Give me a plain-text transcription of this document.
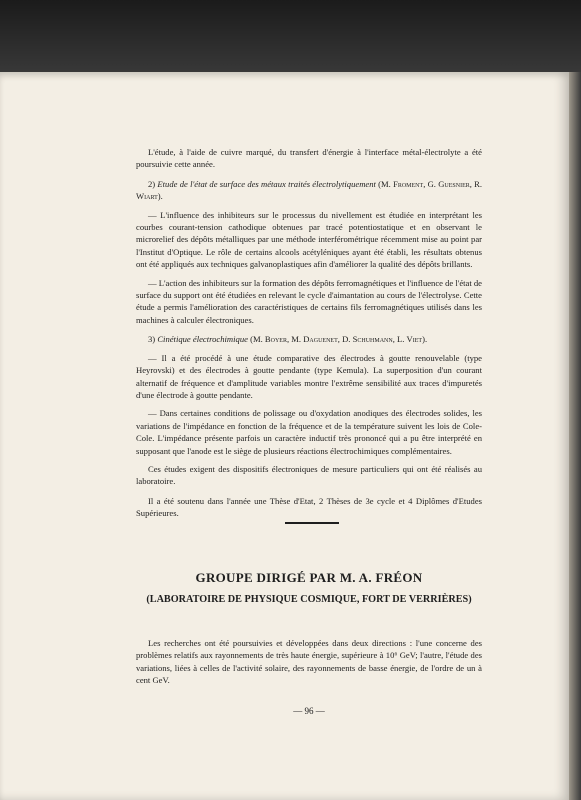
L'étude, à l'aide de cuivre marqué, du transfert d'énergie à l'interface métal-électrolyte a été poursuivie cette année.

2) Etude de l'état de surface des métaux traités électrolytiquement (M. Froment, G. Guesnier, R. Wiart).

— L'influence des inhibiteurs sur le processus du nivellement est étudiée en interprétant les courbes courant-tension cathodique obtenues par tracé potentiostatique et en observant le microrelief des dépôts métalliques par une méthode interférométrique récemment mise au point par l'Institut d'Optique. Le rôle de certains alcools acétyléniques ayant été établi, les résultats obtenus ont été appliqués aux techniques galvanoplastiques afin d'améliorer la qualité des dépôts brillants.

— L'action des inhibiteurs sur la formation des dépôts ferromagnétiques et l'influence de l'état de surface du support ont été étudiées en relevant le cycle d'aimantation au cours de l'électrolyse. Cette étude a permis l'amélioration des caractéristiques de certains fils ferromagnétiques utilisés dans les machines à calculer électroniques.

3) Cinétique électrochimique (M. Boyer, M. Daguenet, D. Schuhmann, L. Viet).

— Il a été procédé à une étude comparative des électrodes à goutte renouvelable (type Heyrovski) et des électrodes à goutte pendante (type Kemula). La superposition d'un courant alternatif de fréquence et d'amplitude variables montre l'extrême sensibilité aux traces d'impuretés d'une électrode à goutte pendante.

— Dans certaines conditions de polissage ou d'oxydation anodiques des électrodes solides, les variations de l'impédance en fonction de la fréquence et de la température suivent les lois de Cole-Cole. L'impédance présente parfois un caractère inductif très prononcé qui a pu être interprété en supposant que l'anode est le siège de plusieurs réactions électrochimiques complémentaires.

Ces études exigent des dispositifs électroniques de mesure particuliers qui ont été réalisés au laboratoire.

Il a été soutenu dans l'année une Thèse d'Etat, 2 Thèses de 3e cycle et 4 Diplômes d'Etudes Supérieures.

GROUPE DIRIGÉ PAR M. A. FRÉON
(LABORATOIRE DE PHYSIQUE COSMIQUE, FORT DE VERRIÈRES)

Les recherches ont été poursuivies et développées dans deux directions : l'une concerne des problèmes relatifs aux rayonnements de très haute énergie, supérieure à 10⁶ GeV; l'autre, l'étude des variations, liées à celles de l'activité solaire, des rayonnements de basse énergie, de l'ordre de un à cent GeV.

— 96 —
